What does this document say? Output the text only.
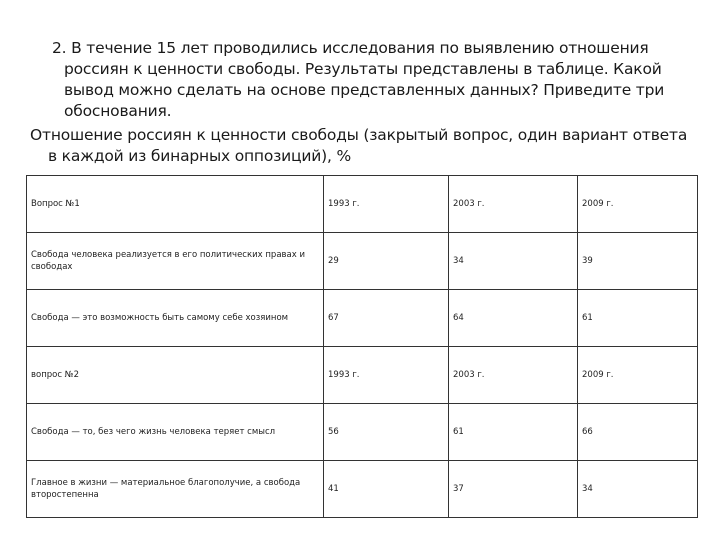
2. В течение 15 лет проводились исследования по выявлению отношения россиян к ценности свободы. Результаты представлены в таблице. Какой вывод можно сделать на основе представленных данных? Приведите три обоснования.

Отношение россиян к ценности свободы (закрытый вопрос, один вариант ответа в каждой из бинарных оппозиций), %

Вопрос №1	1993 г.	2003 г.	2009 г.
Свобода человека реализуется в его политических правах и свободах	29	34	39
Свобода — это возможность быть самому себе хозяином	67	64	61
вопрос №2	1993 г.	2003 г.	2009 г.
Свобода — то, без чего жизнь человека теряет смысл	56	61	66
Главное в жизни — материальное благополучие, а свобода второстепенна	41	37	34
